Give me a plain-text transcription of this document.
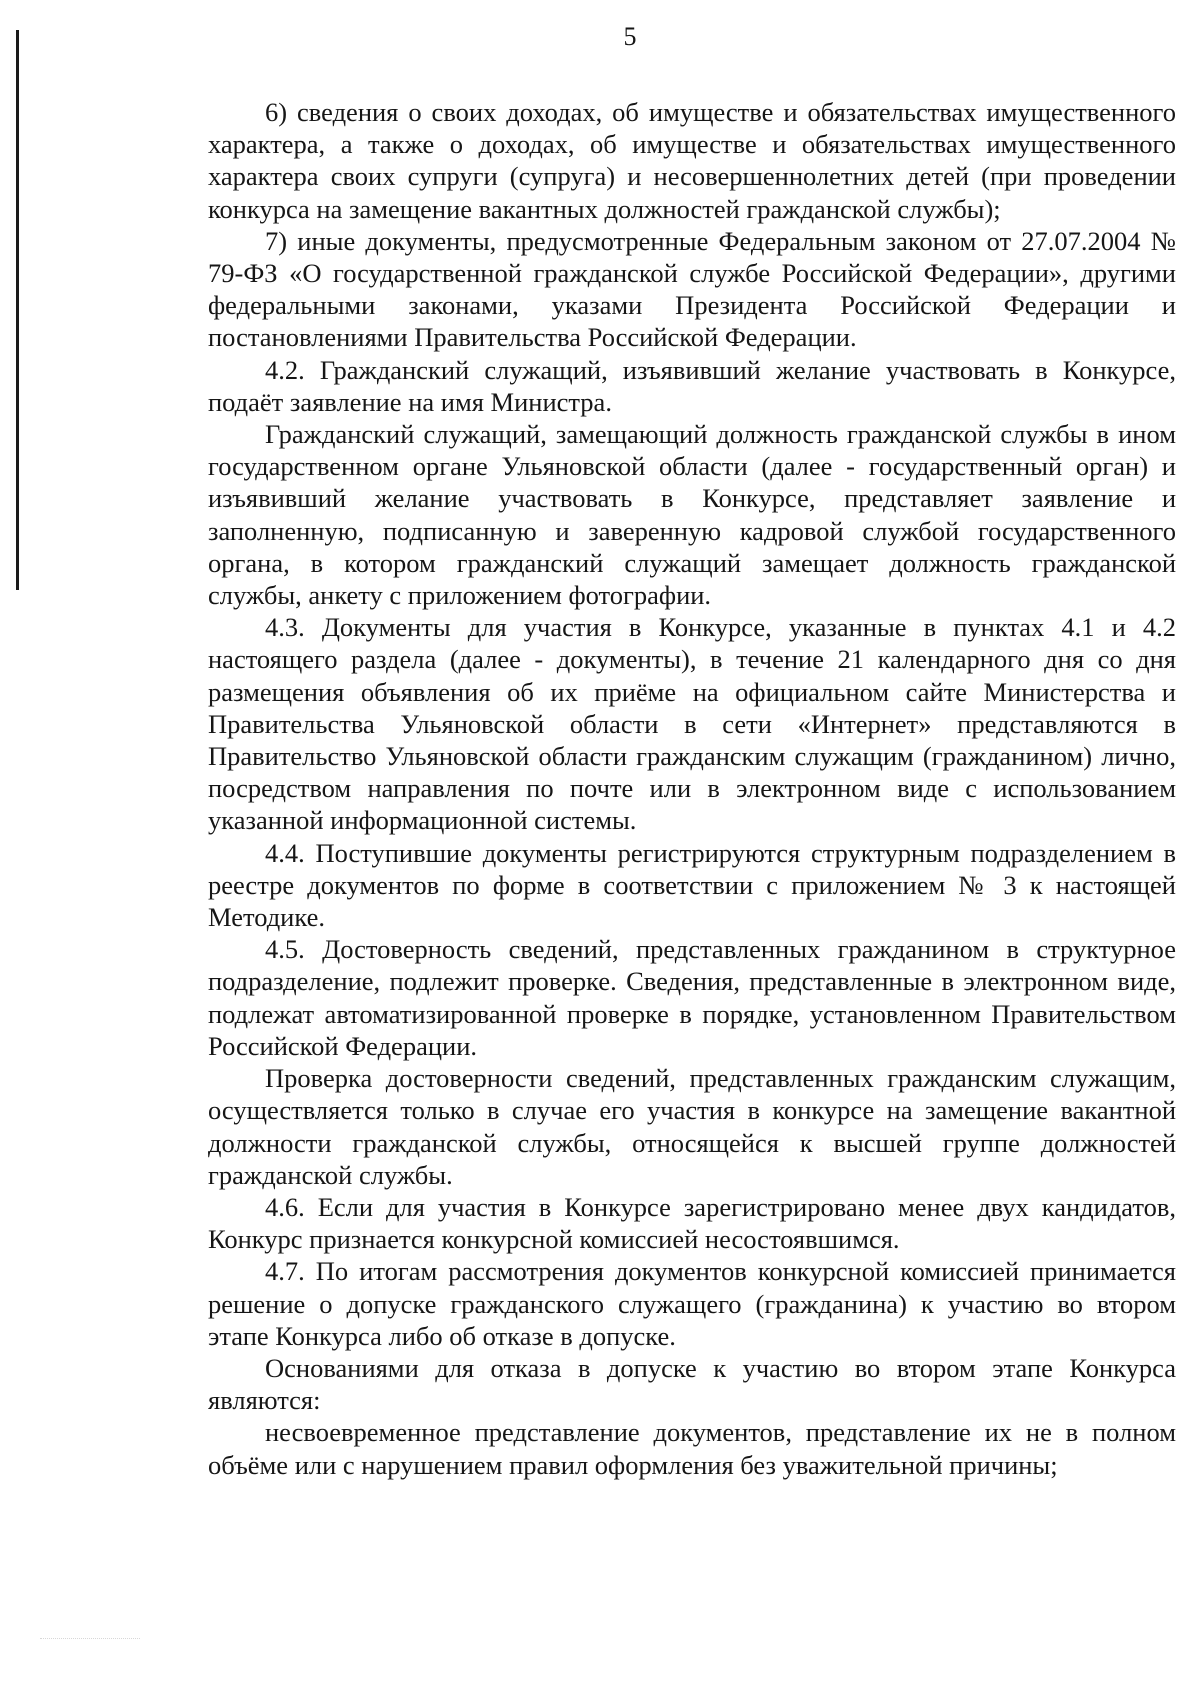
5

6) сведения о своих доходах, об имуществе и обязательствах имущественного характера, а также о доходах, об имуществе и обязательствах имущественного характера своих супруги (супруга) и несовершеннолетних детей (при проведении конкурса на замещение вакантных должностей гражданской службы);

7) иные документы, предусмотренные Федеральным законом от 27.07.2004 № 79-ФЗ «О государственной гражданской службе Российской Федерации», другими федеральными законами, указами Президента Российской Федерации и постановлениями Правительства Российской Федерации.

4.2. Гражданский служащий, изъявивший желание участвовать в Конкурсе, подаёт заявление на имя Министра.

Гражданский служащий, замещающий должность гражданской службы в ином государственном органе Ульяновской области (далее - государственный орган) и изъявивший желание участвовать в Конкурсе, представляет заявление и заполненную, подписанную и заверенную кадровой службой государственного органа, в котором гражданский служащий замещает должность гражданской службы, анкету с приложением фотографии.

4.3. Документы для участия в Конкурсе, указанные в пунктах 4.1 и 4.2 настоящего раздела (далее - документы), в течение 21 календарного дня со дня размещения объявления об их приёме на официальном сайте Министерства и Правительства Ульяновской области в сети «Интернет» представляются в Правительство Ульяновской области гражданским служащим (гражданином) лично, посредством направления по почте или в электронном виде с использованием указанной информационной системы.

4.4. Поступившие документы регистрируются структурным подразделением в реестре документов по форме в соответствии с приложением № 3 к настоящей Методике.

4.5. Достоверность сведений, представленных гражданином в структурное подразделение, подлежит проверке. Сведения, представленные в электронном виде, подлежат автоматизированной проверке в порядке, установленном Правительством Российской Федерации.

Проверка достоверности сведений, представленных гражданским служащим, осуществляется только в случае его участия в конкурсе на замещение вакантной должности гражданской службы, относящейся к высшей группе должностей гражданской службы.

4.6. Если для участия в Конкурсе зарегистрировано менее двух кандидатов, Конкурс признается конкурсной комиссией несостоявшимся.

4.7. По итогам рассмотрения документов конкурсной комиссией принимается решение о допуске гражданского служащего (гражданина) к участию во втором этапе Конкурса либо об отказе в допуске.

Основаниями для отказа в допуске к участию во втором этапе Конкурса являются:

несвоевременное представление документов, представление их не в полном объёме или с нарушением правил оформления без уважительной причины;
